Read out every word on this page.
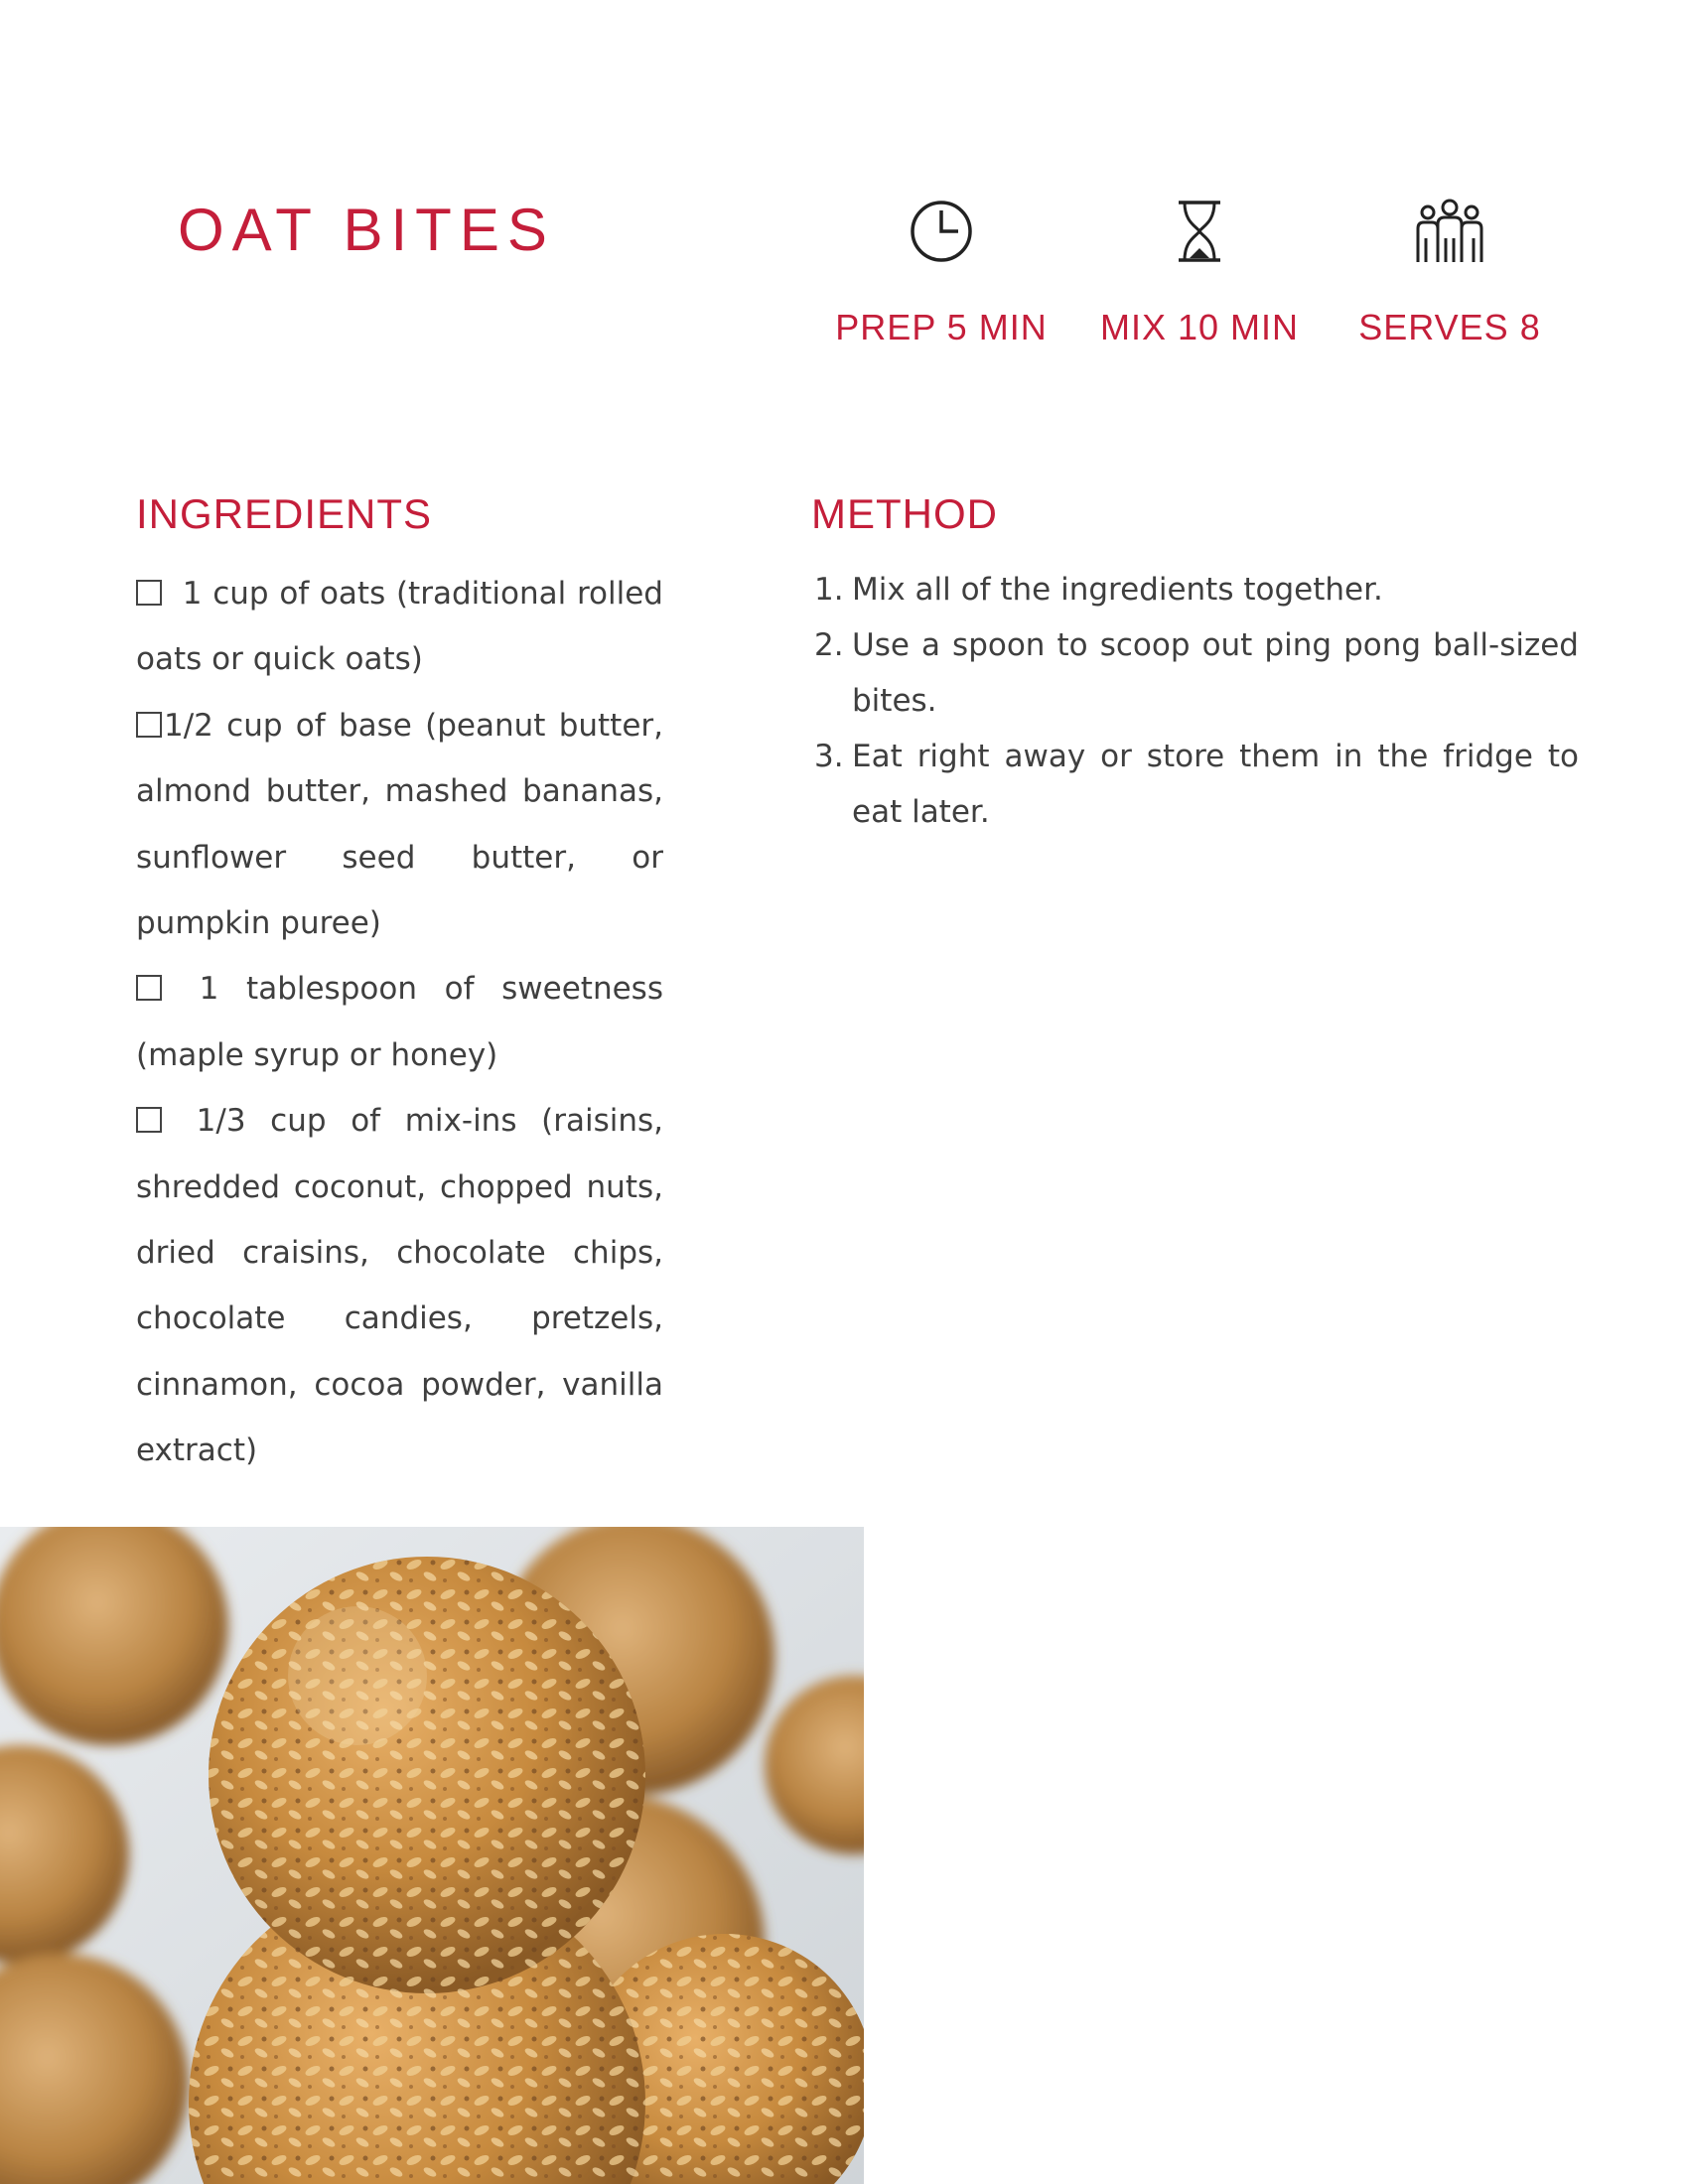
OAT BITES
PREP 5 MIN	MIX 10 MIN	SERVES 8
INGREDIENTS
1 cup of oats (traditional rolled oats or quick oats)
1/2 cup of base (peanut butter, almond butter, mashed bananas, sunflower seed butter, or pumpkin puree)
1 tablespoon of sweetness (maple syrup or honey)
1/3 cup of mix-ins (raisins, shredded coconut, chopped nuts, dried craisins, chocolate chips, chocolate candies, pretzels, cinnamon, cocoa powder, vanilla extract)
METHOD
1. Mix all of the ingredients together.
2. Use a spoon to scoop out ping pong ball-sized bites.
3. Eat right away or store them in the fridge to eat later.
